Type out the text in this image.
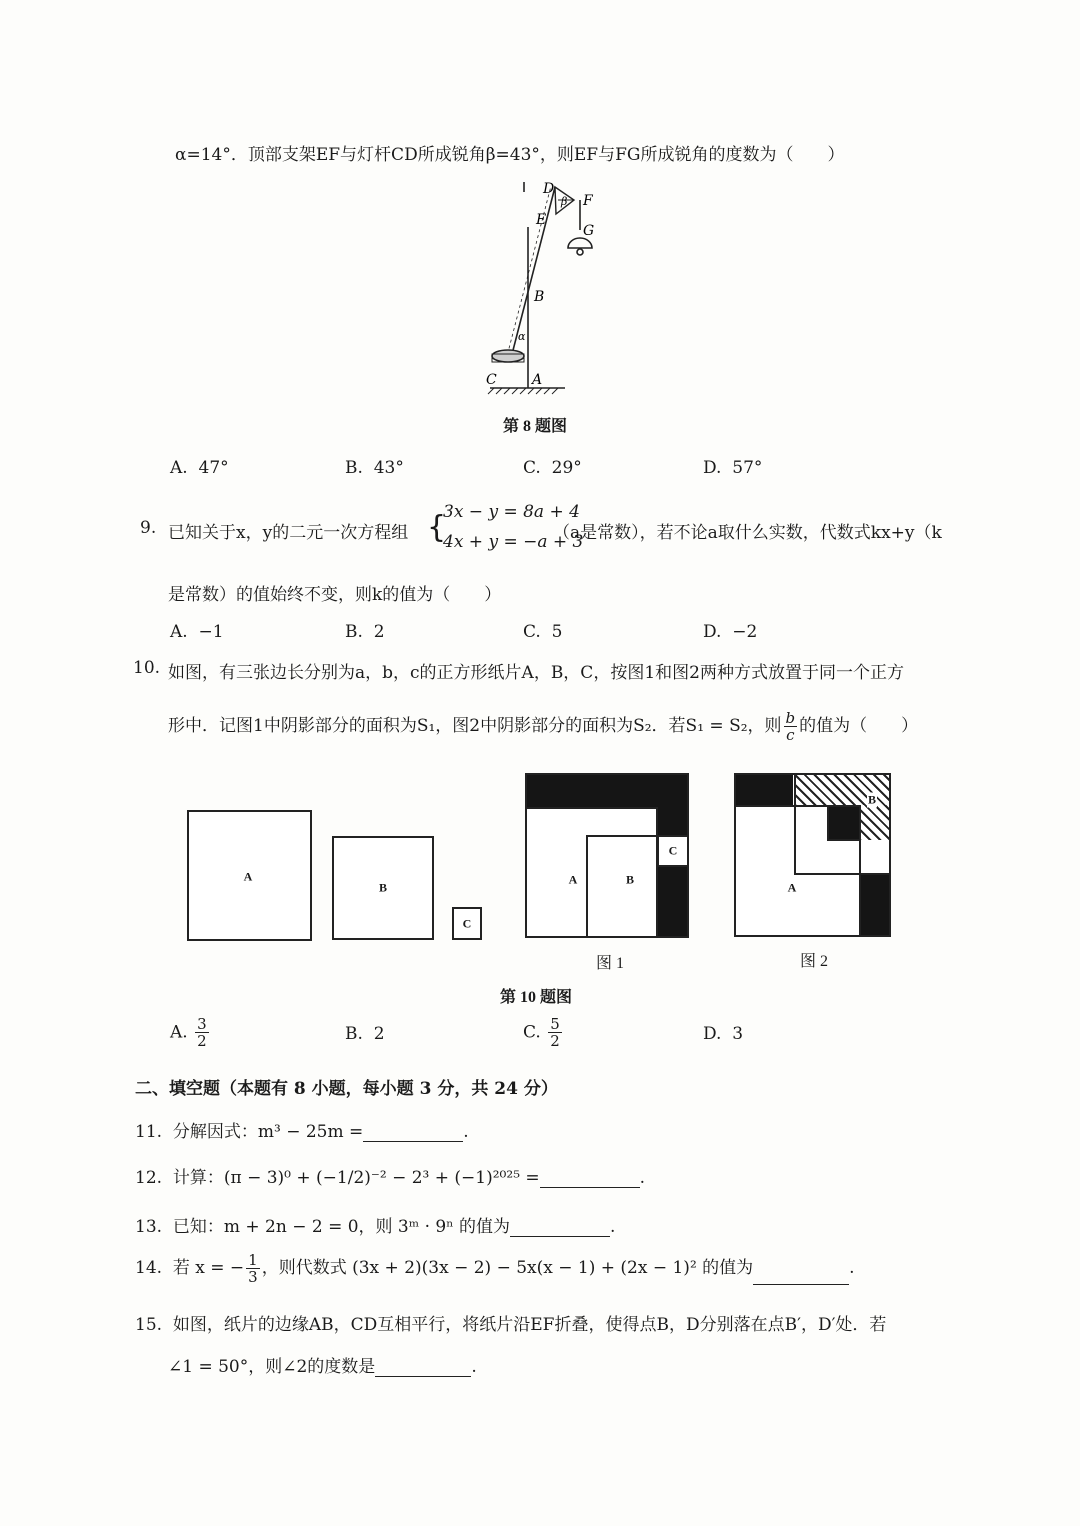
α=14°．顶部支架EF与灯杆CD所成锐角β=43°，则EF与FG所成锐角的度数为（　　）
D
F
E
G
B
α
β
C	A
第 8 题图
A. 47°	B. 43°	C. 29°	D. 57°
9. 已知关于x，y的二元一次方程组 {
3x − y = 8a + 4
4x + y = −a + 3
（a是常数），若不论a取什么实数，代数式kx+y（k
是常数）的值始终不变，则k的值为（　　）
A. −1	B. 2	C. 5	D. −2
10. 如图，有三张边长分别为a，b，c的正方形纸片A，B，C，按图1和图2两种方式放置于同一个正方
形中．记图1中阴影部分的面积为S₁，图2中阴影部分的面积为S₂．若S₁ = S₂，则 $\frac{b}{c}$ 的值为（　　）
A
B
C
A	B
C
图 1
B
A
图 2
第 10 题图
A. $\frac{3}{2}$	B. 2	C. $\frac{5}{2}$	D. 3
二、填空题（本题有 8 小题，每小题 3 分，共 24 分）
11. 分解因式：m³ − 25m =	.
12. 计算：(π − 3)⁰ + (−1/2)⁻² − 2³ + (−1)²⁰²⁵ =	.
13. 已知：m + 2n − 2 = 0，则 3ᵐ · 9ⁿ 的值为	.
14. 若 x = − $\frac{1}{3}$ ，则代数式 (3x + 2)(3x − 2) − 5x(x − 1) + (2x − 1)² 的值为	.
15. 如图，纸片的边缘AB，CD互相平行，将纸片沿EF折叠，使得点B，D分别落在点B′，D′处．若
∠1 = 50°，则∠2的度数是	.
